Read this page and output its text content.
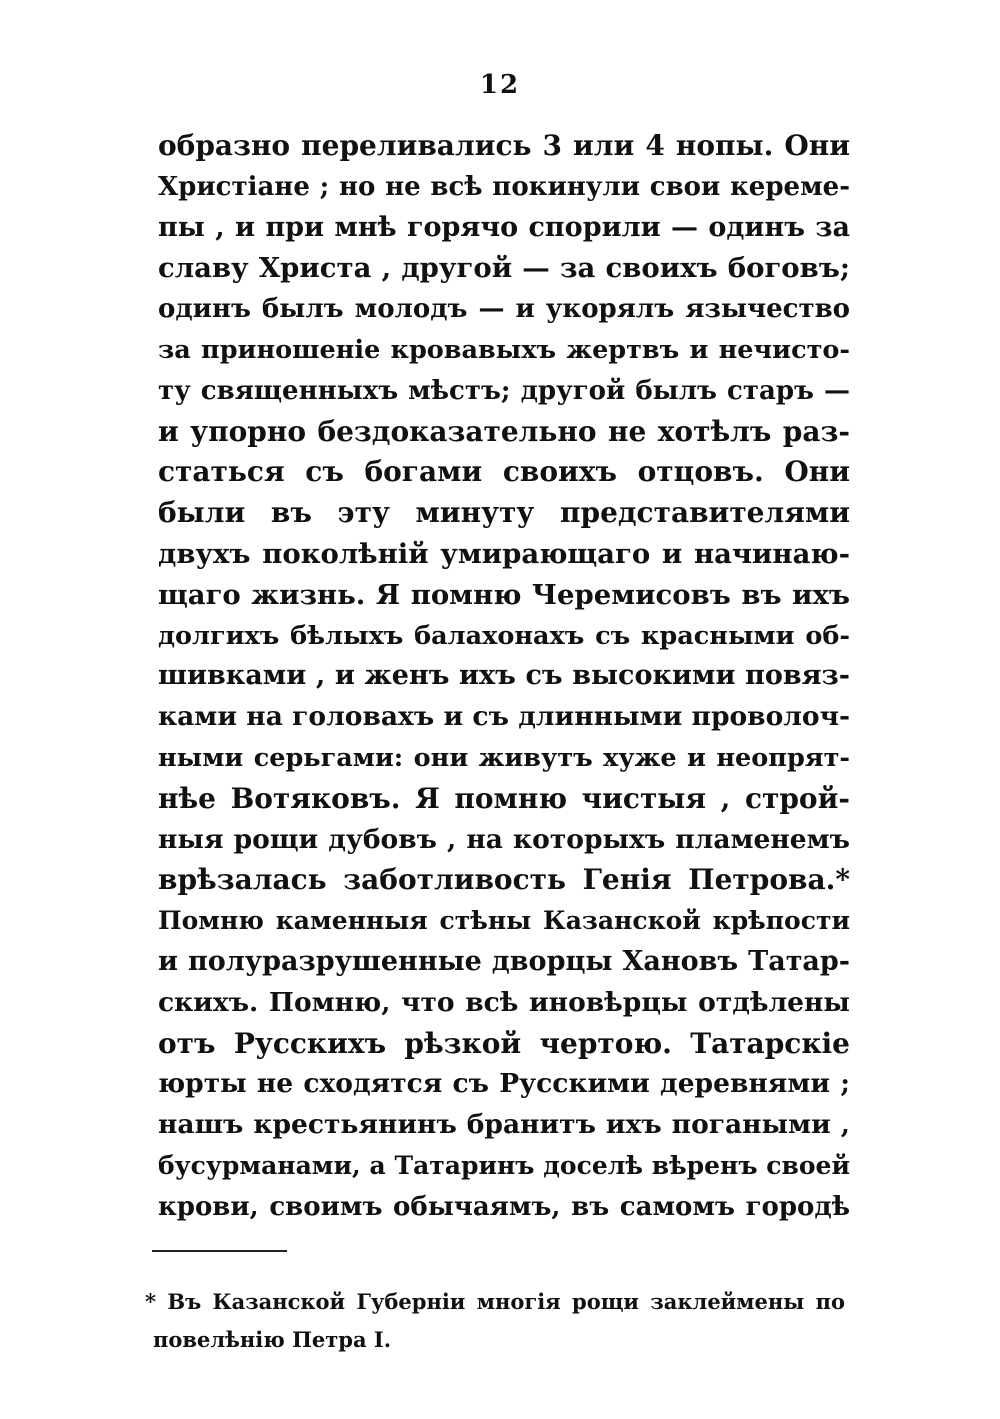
12
образно переливались 3 или 4 нопы. Они
Христіане ; но не всѣ покинули свои кереме-
пы , и при мнѣ горячо спорили — одинъ за
славу Христа , другой — за своихъ боговъ;
одинъ былъ молодъ — и укорялъ язычество
за приношеніе кровавыхъ жертвъ и нечисто-
ту священныхъ мѣстъ; другой былъ старъ —
и упорно бездоказательно не хотѣлъ раз-
статься съ богами своихъ отцовъ. Они
были въ эту минуту представителями
двухъ поколѣній умирающаго и начинаю-
щаго жизнь. Я помню Черемисовъ въ ихъ
долгихъ бѣлыхъ балахонахъ съ красными об-
шивками , и женъ ихъ съ высокими повяз-
ками на головахъ и съ длинными проволоч-
ными серьгами: они живутъ хуже и неопрят-
нѣе Вотяковъ. Я помню чистыя , строй-
ныя рощи дубовъ , на которыхъ пламенемъ
врѣзалась заботливость Генія Петрова.*
Помню каменныя стѣны Казанской крѣпости
и полуразрушенные дворцы Хановъ Татар-
скихъ. Помню, что всѣ иновѣрцы отдѣлены
отъ Русскихъ рѣзкой чертою. Татарскіе
юрты не сходятся съ Русскими деревнями ;
нашъ крестьянинъ бранитъ ихъ погаными ,
бусурманами, а Татаринъ доселѣ вѣренъ своей
крови, своимъ обычаямъ, въ самомъ городѣ
* Въ Казанской Губерніи многія рощи заклеймены по
повелѣнію Петра I.
